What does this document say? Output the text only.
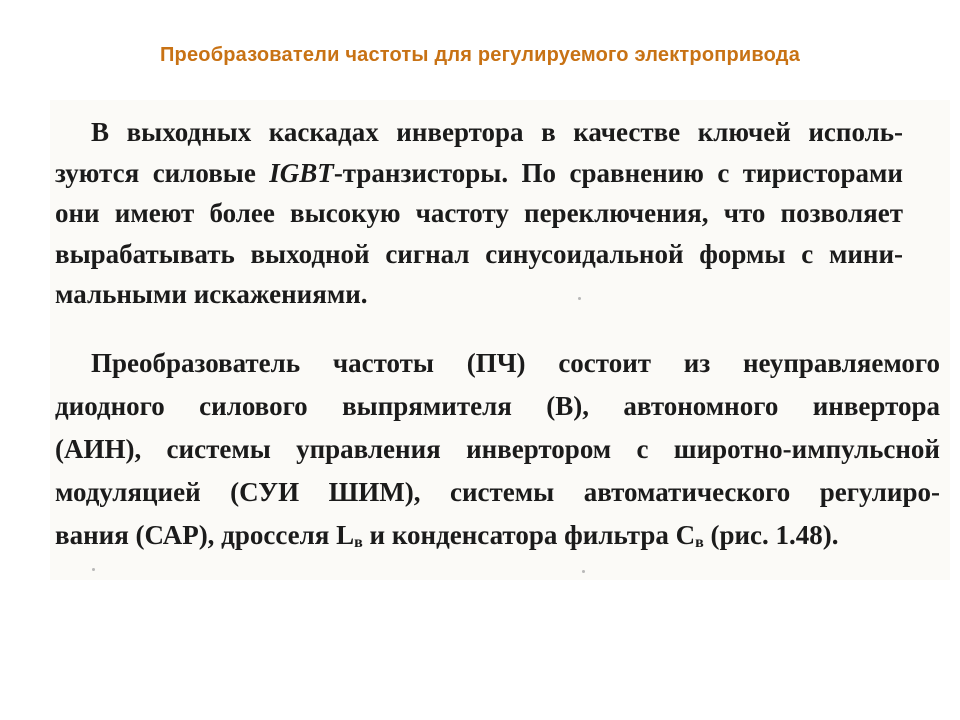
Преобразователи частоты для регулируемого электропривода
В выходных каскадах инвертора в качестве ключей исполь-
зуются силовые IGBT-транзисторы. По сравнению с тиристорами
они имеют более высокую частоту переключения, что позволяет
вырабатывать выходной сигнал синусоидальной формы с мини-
мальными искажениями.
Преобразователь частоты (ПЧ) состоит из неуправляемого
диодного силового выпрямителя (В), автономного инвертора
(АИН), системы управления инвертором с широтно-импульсной
модуляцией (СУИ ШИМ), системы автоматического регулиро-
вания (САР), дросселя $L_в$ и конденсатора фильтра $С_в$ (рис. 1.48).
